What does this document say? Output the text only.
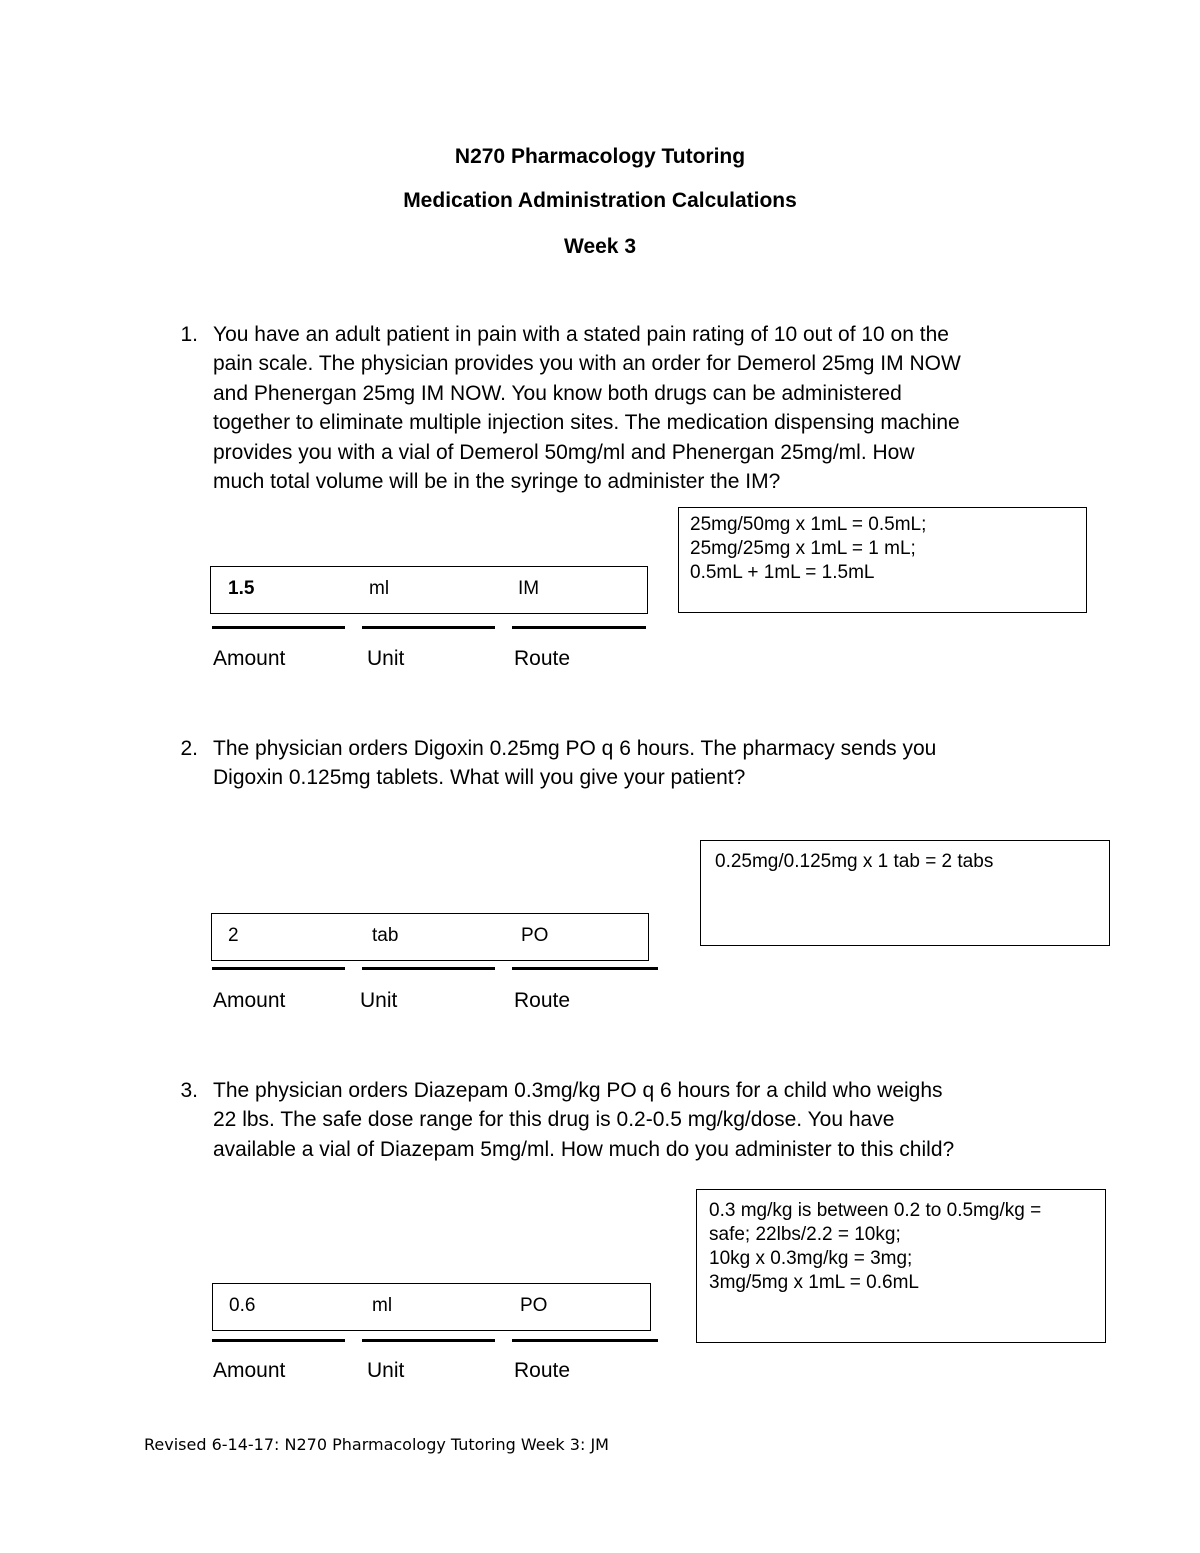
N270 Pharmacology Tutoring
Medication Administration Calculations
Week 3
1. You have an adult patient in pain with a stated pain rating of 10 out of 10 on the
pain scale. The physician provides you with an order for Demerol 25mg IM NOW
and Phenergan 25mg IM NOW. You know both drugs can be administered
together to eliminate multiple injection sites. The medication dispensing machine
provides you with a vial of Demerol 50mg/ml and Phenergan 25mg/ml. How
much total volume will be in the syringe to administer the IM?
1.5	ml	IM
Amount	Unit	Route
25mg/50mg x 1mL = 0.5mL;
25mg/25mg x 1mL = 1 mL;
0.5mL + 1mL = 1.5mL
2. The physician orders Digoxin 0.25mg PO q 6 hours. The pharmacy sends you
Digoxin 0.125mg tablets. What will you give your patient?
2	tab	PO
Amount	Unit	Route
0.25mg/0.125mg x 1 tab = 2 tabs
3. The physician orders Diazepam 0.3mg/kg PO q 6 hours for a child who weighs
22 lbs. The safe dose range for this drug is 0.2-0.5 mg/kg/dose. You have
available a vial of Diazepam 5mg/ml. How much do you administer to this child?
0.6	ml	PO
Amount	Unit	Route
0.3 mg/kg is between 0.2 to 0.5mg/kg =
safe; 22lbs/2.2 = 10kg;
10kg x 0.3mg/kg = 3mg;
3mg/5mg x 1mL = 0.6mL
Revised 6-14-17: N270 Pharmacology Tutoring Week 3: JM
